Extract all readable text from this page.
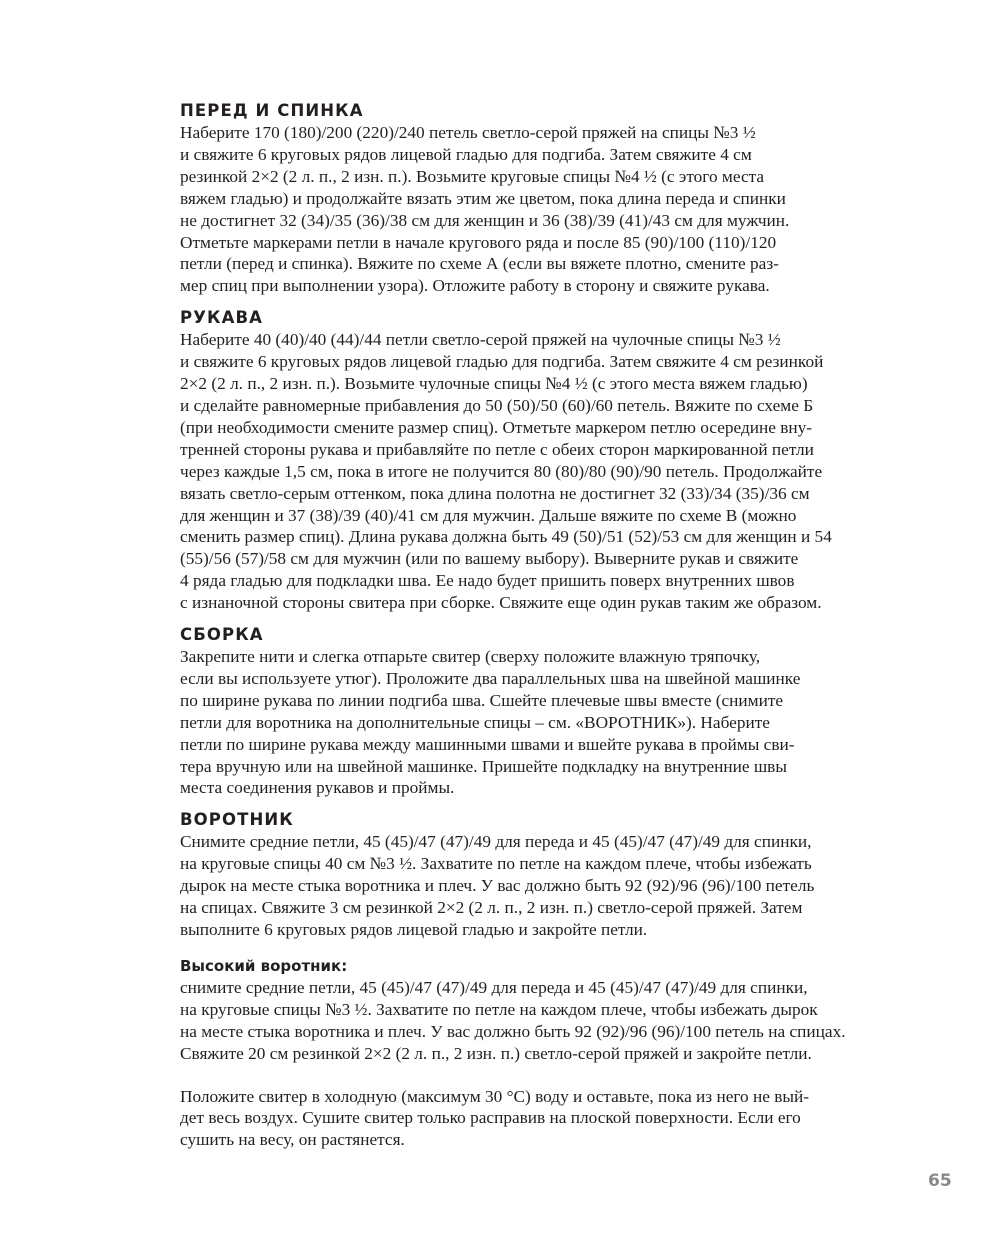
ПЕРЕД И СПИНКА

Наберите 170 (180)/200 (220)/240 петель светло-серой пряжей на спицы №3 ½
и свяжите 6 круговых рядов лицевой гладью для подгиба. Затем свяжите 4 см
резинкой 2×2 (2 л. п., 2 изн. п.). Возьмите круговые спицы №4 ½ (с этого места
вяжем гладью) и продолжайте вязать этим же цветом, пока длина переда и спинки
не достигнет 32 (34)/35 (36)/38 см для женщин и 36 (38)/39 (41)/43 см для мужчин.
Отметьте маркерами петли в начале кругового ряда и после 85 (90)/100 (110)/120
петли (перед и спинка). Вяжите по схеме А (если вы вяжете плотно, смените раз-
мер спиц при выполнении узора). Отложите работу в сторону и свяжите рукава.

РУКАВА

Наберите 40 (40)/40 (44)/44 петли светло-серой пряжей на чулочные спицы №3 ½
и свяжите 6 круговых рядов лицевой гладью для подгиба. Затем свяжите 4 см резинкой
2×2 (2 л. п., 2 изн. п.). Возьмите чулочные спицы №4 ½ (с этого места вяжем гладью)
и сделайте равномерные прибавления до 50 (50)/50 (60)/60 петель. Вяжите по схеме Б
(при необходимости смените размер спиц). Отметьте маркером петлю осередине вну-
тренней стороны рукава и прибавляйте по петле с обеих сторон маркированной петли
через каждые 1,5 см, пока в итоге не получится 80 (80)/80 (90)/90 петель. Продолжайте
вязать светло-серым оттенком, пока длина полотна не достигнет 32 (33)/34 (35)/36 см
для женщин и 37 (38)/39 (40)/41 см для мужчин. Дальше вяжите по схеме В (можно
сменить размер спиц). Длина рукава должна быть 49 (50)/51 (52)/53 см для женщин и 54
(55)/56 (57)/58 см для мужчин (или по вашему выбору). Выверните рукав и свяжите
4 ряда гладью для подкладки шва. Ее надо будет пришить поверх внутренних швов
с изнаночной стороны свитера при сборке. Свяжите еще один рукав таким же образом.

СБОРКА

Закрепите нити и слегка отпарьте свитер (сверху положите влажную тряпочку,
если вы используете утюг). Проложите два параллельных шва на швейной машинке
по ширине рукава по линии подгиба шва. Сшейте плечевые швы вместе (снимите
петли для воротника на дополнительные спицы – см. «ВОРОТНИК»). Наберите
петли по ширине рукава между машинными швами и вшейте рукава в проймы сви-
тера вручную или на швейной машинке. Пришейте подкладку на внутренние швы
места соединения рукавов и проймы.

ВОРОТНИК

Снимите средние петли, 45 (45)/47 (47)/49 для переда и 45 (45)/47 (47)/49 для спинки,
на круговые спицы 40 см №3 ½. Захватите по петле на каждом плече, чтобы избежать
дырок на месте стыка воротника и плеч. У вас должно быть 92 (92)/96 (96)/100 петель
на спицах. Свяжите 3 см резинкой 2×2 (2 л. п., 2 изн. п.) светло-серой пряжей. Затем
выполните 6 круговых рядов лицевой гладью и закройте петли.

Высокий воротник:

снимите средние петли, 45 (45)/47 (47)/49 для переда и 45 (45)/47 (47)/49 для спинки,
на круговые спицы №3 ½. Захватите по петле на каждом плече, чтобы избежать дырок
на месте стыка воротника и плеч. У вас должно быть 92 (92)/96 (96)/100 петель на спицах.
Свяжите 20 см резинкой 2×2 (2 л. п., 2 изн. п.) светло-серой пряжей и закройте петли.

Положите свитер в холодную (максимум 30 °С) воду и оставьте, пока из него не вый-
дет весь воздух. Сушите свитер только расправив на плоской поверхности. Если его
сушить на весу, он растянется.

65
